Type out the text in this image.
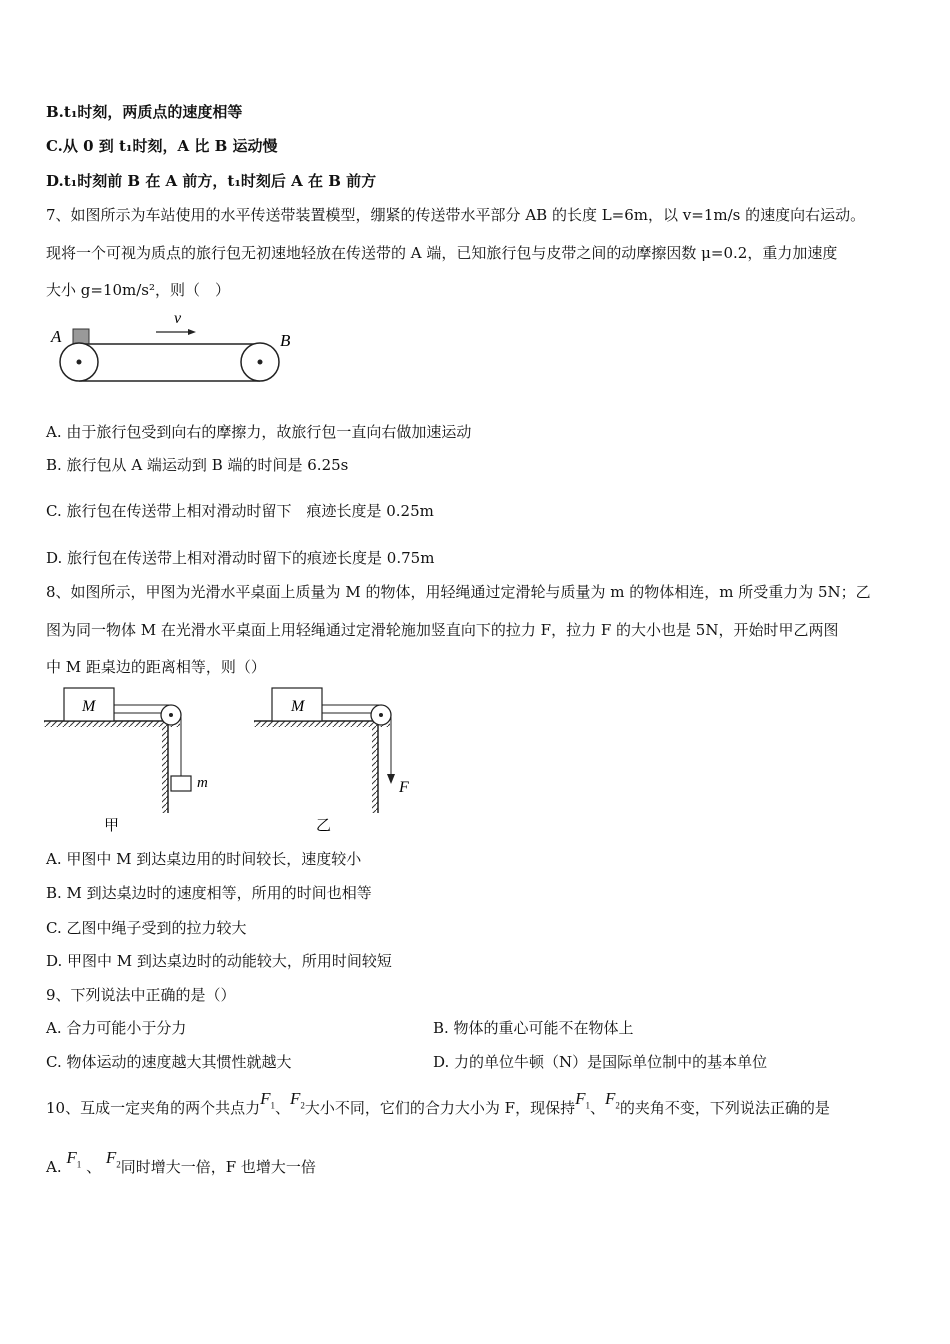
B.t₁时刻，两质点的速度相等
C.从 0 到 t₁时刻，A 比 B 运动慢
D.t₁时刻前 B 在 A 前方，t₁时刻后 A 在 B 前方
7、如图所示为车站使用的水平传送带装置模型，绷紧的传送带水平部分 AB 的长度 L=6m，以 v=1m/s 的速度向右运动。
现将一个可视为质点的旅行包无初速地轻放在传送带的 A 端，已知旅行包与皮带之间的动摩擦因数 μ=0.2，重力加速度
大小 g=10m/s²，则（　）
v
A	B
A. 由于旅行包受到向右的摩擦力，故旅行包一直向右做加速运动
B. 旅行包从 A 端运动到 B 端的时间是 6.25s
C. 旅行包在传送带上相对滑动时留下　痕迹长度是 0.25m
D. 旅行包在传送带上相对滑动时留下的痕迹长度是 0.75m
8、如图所示，甲图为光滑水平桌面上质量为 M 的物体，用轻绳通过定滑轮与质量为 m 的物体相连，m 所受重力为 5N；乙
图为同一物体 M 在光滑水平桌面上用轻绳通过定滑轮施加竖直向下的拉力 F，拉力 F 的大小也是 5N，开始时甲乙两图
中 M 距桌边的距离相等，则（）
M
m
甲
M
F
乙
A. 甲图中 M 到达桌边用的时间较长，速度较小
B. M 到达桌边时的速度相等，所用的时间也相等
C. 乙图中绳子受到的拉力较大
D. 甲图中 M 到达桌边时的动能较大，所用时间较短
9、下列说法中正确的是（）
A. 合力可能小于分力	B. 物体的重心可能不在物体上
C. 物体运动的速度越大其惯性就越大	D. 力的单位牛顿（N）是国际单位制中的基本单位
10、互成一定夹角的两个共点力$F_1$、$F_2$大小不同，它们的合力大小为 F，现保持$F_1$、$F_2$的夹角不变，下列说法正确的是
A. $F_1$ 、 $F_2$同时增大一倍，F 也增大一倍
